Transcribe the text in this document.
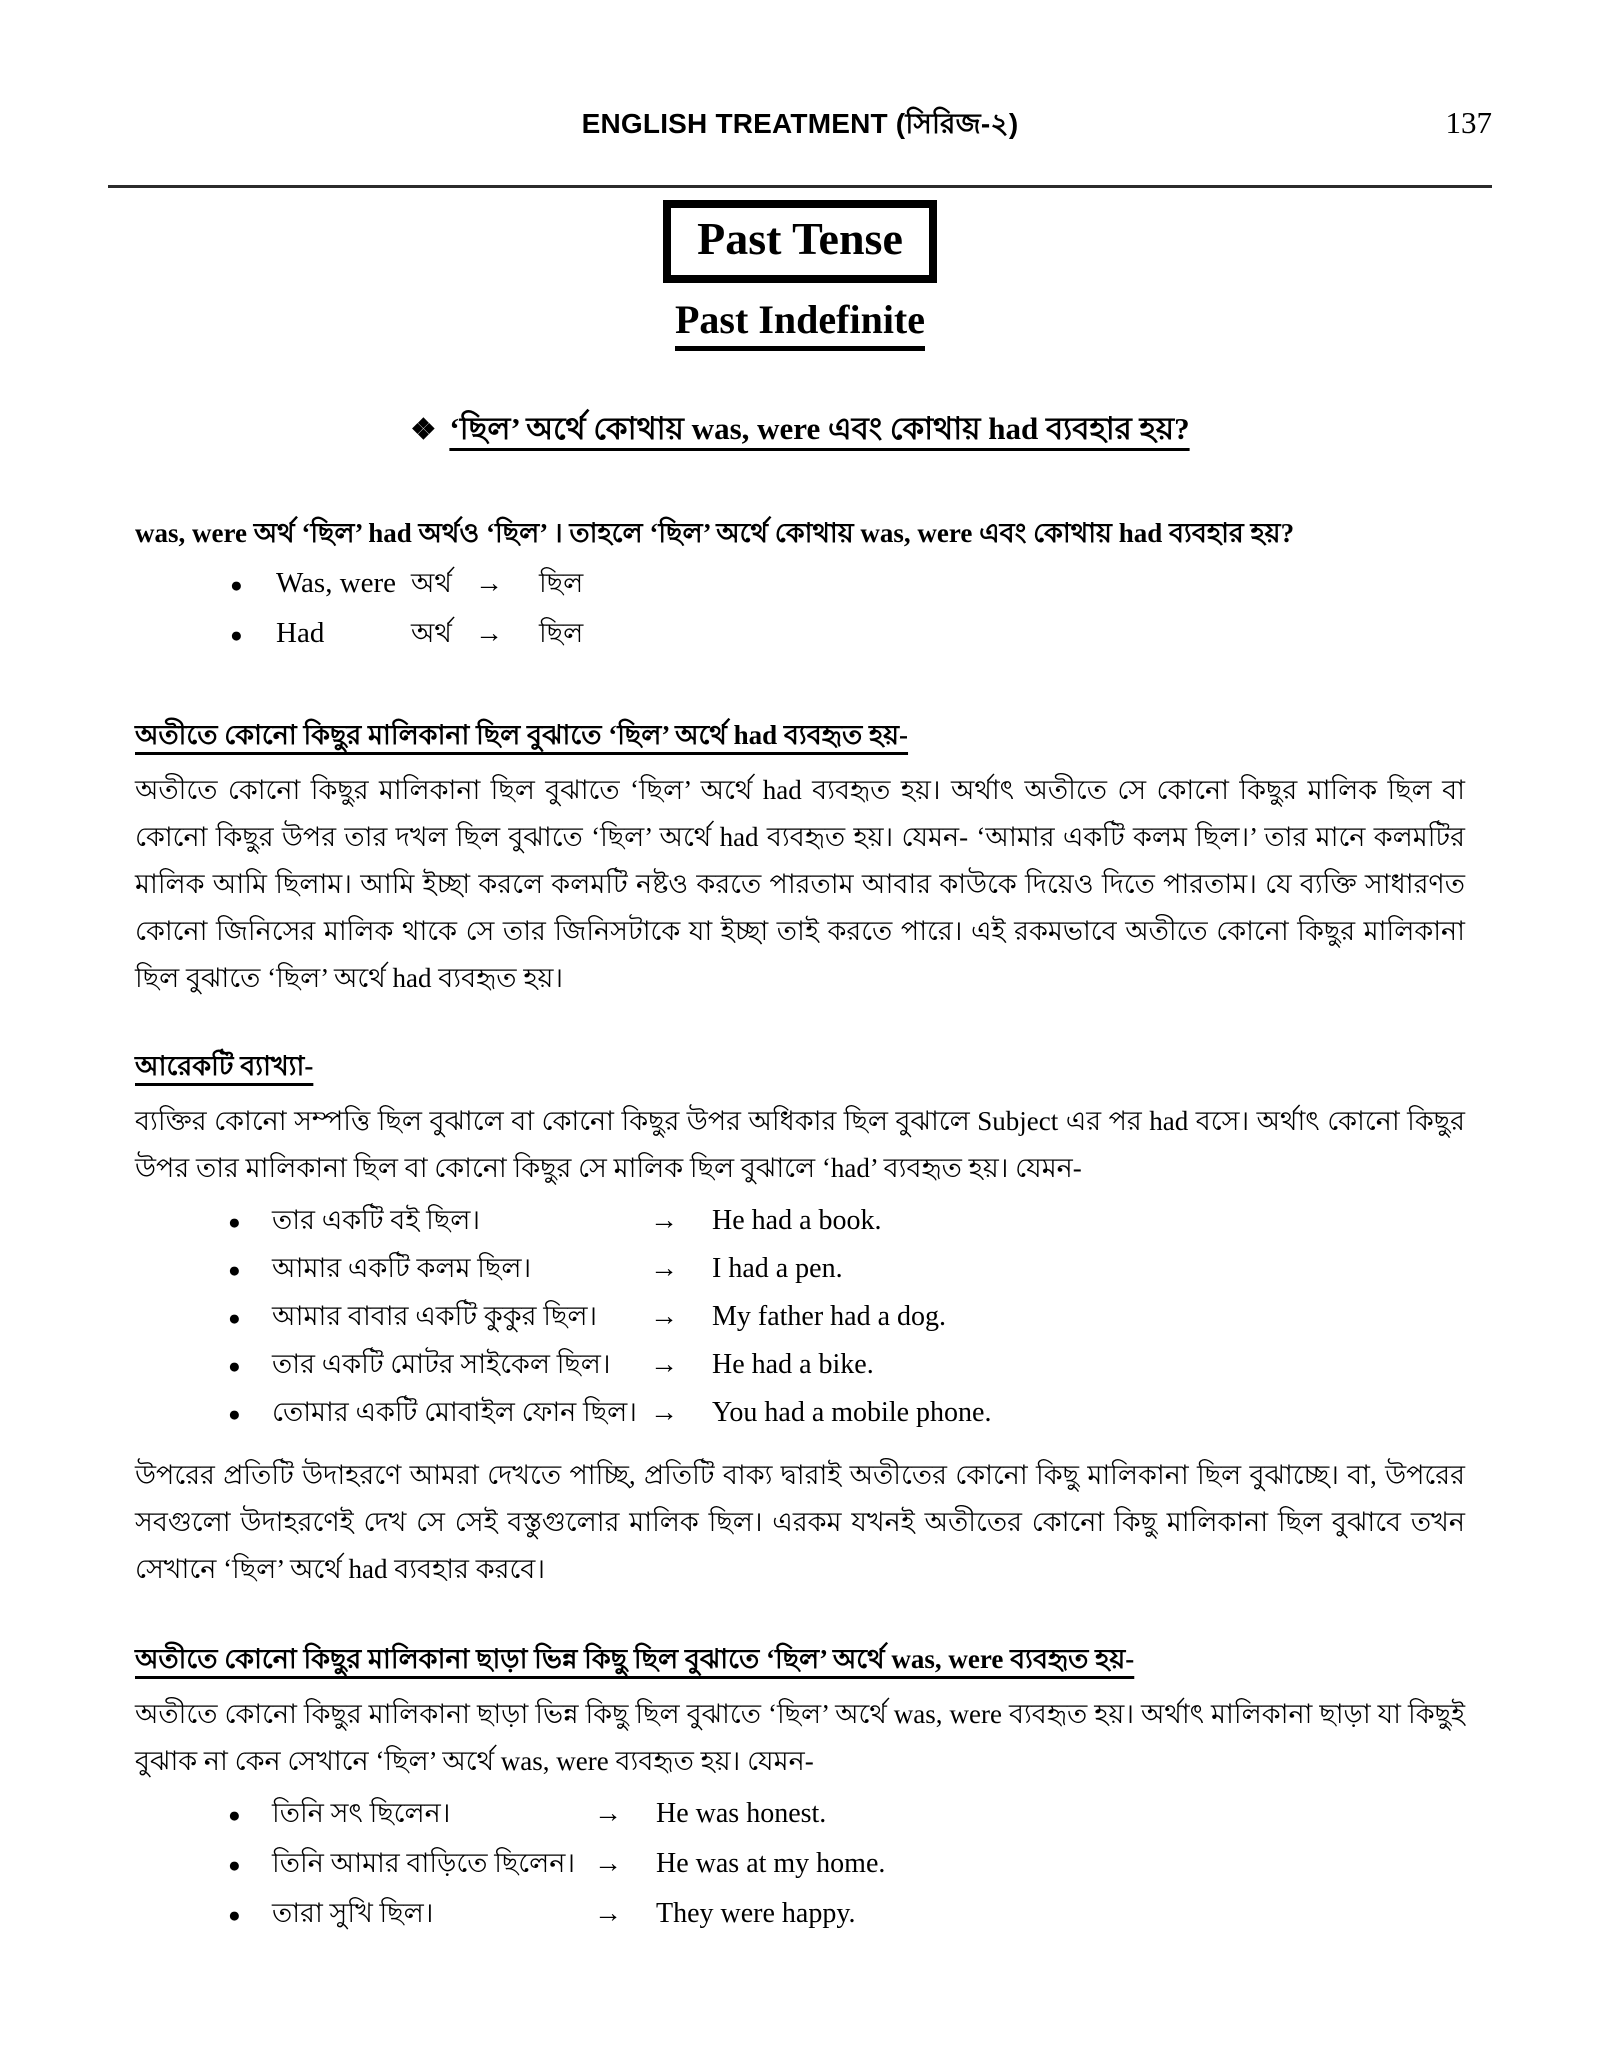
ENGLISH TREATMENT (সিরিজ-২)	137
Past Tense
Past Indefinite
❖ ‘ছিল’ অর্থে কোথায় was, were এবং কোথায় had ব্যবহার হয়?
was, were অর্থ ‘ছিল’ had অর্থও ‘ছিল’ । তাহলে ‘ছিল’ অর্থে কোথায় was, were এবং কোথায় had ব্যবহার হয়?
●	Was, were অর্থ →	ছিল
●	Had	অর্থ →	ছিল
অতীতে কোনো কিছুর মালিকানা ছিল বুঝাতে ‘ছিল’ অর্থে had ব্যবহৃত হয়-
অতীতে কোনো কিছুর মালিকানা ছিল বুঝাতে ‘ছিল’ অর্থে had ব্যবহৃত হয়। অর্থাৎ অতীতে সে কোনো কিছুর মালিক ছিল বা কোনো কিছুর উপর তার দখল ছিল বুঝাতে ‘ছিল’ অর্থে had ব্যবহৃত হয়। যেমন- ‘আমার একটি কলম ছিল।’ তার মানে কলমটির মালিক আমি ছিলাম। আমি ইচ্ছা করলে কলমটি নষ্টও করতে পারতাম আবার কাউকে দিয়েও দিতে পারতাম। যে ব্যক্তি সাধারণত কোনো জিনিসের মালিক থাকে সে তার জিনিসটাকে যা ইচ্ছা তাই করতে পারে। এই রকমভাবে অতীতে কোনো কিছুর মালিকানা ছিল বুঝাতে ‘ছিল’ অর্থে had ব্যবহৃত হয়।
আরেকটি ব্যাখ্যা-
ব্যক্তির কোনো সম্পত্তি ছিল বুঝালে বা কোনো কিছুর উপর অধিকার ছিল বুঝালে Subject এর পর had বসে। অর্থাৎ কোনো কিছুর উপর তার মালিকানা ছিল বা কোনো কিছুর সে মালিক ছিল বুঝালে ‘had’ ব্যবহৃত হয়। যেমন-
●	তার একটি বই ছিল।	→	He had a book.
●	আমার একটি কলম ছিল।	→	I had a pen.
●	আমার বাবার একটি কুকুর ছিল।	→	My father had a dog.
●	তার একটি মোটর সাইকেল ছিল।	→	He had a bike.
●	তোমার একটি মোবাইল ফোন ছিল। →	You had a mobile phone.
উপরের প্রতিটি উদাহরণে আমরা দেখতে পাচ্ছি, প্রতিটি বাক্য দ্বারাই অতীতের কোনো কিছু মালিকানা ছিল বুঝাচ্ছে। বা, উপরের সবগুলো উদাহরণেই দেখ সে সেই বস্তুগুলোর মালিক ছিল। এরকম যখনই অতীতের কোনো কিছু মালিকানা ছিল বুঝাবে তখন সেখানে ‘ছিল’ অর্থে had ব্যবহার করবে।
অতীতে কোনো কিছুর মালিকানা ছাড়া ভিন্ন কিছু ছিল বুঝাতে ‘ছিল’ অর্থে was, were ব্যবহৃত হয়-
অতীতে কোনো কিছুর মালিকানা ছাড়া ভিন্ন কিছু ছিল বুঝাতে ‘ছিল’ অর্থে was, were ব্যবহৃত হয়। অর্থাৎ মালিকানা ছাড়া যা কিছুই বুঝাক না কেন সেখানে ‘ছিল’ অর্থে was, were ব্যবহৃত হয়। যেমন-
●	তিনি সৎ ছিলেন।	→	He was honest.
●	তিনি আমার বাড়িতে ছিলেন। →	He was at my home.
●	তারা সুখি ছিল।	→	They were happy.
